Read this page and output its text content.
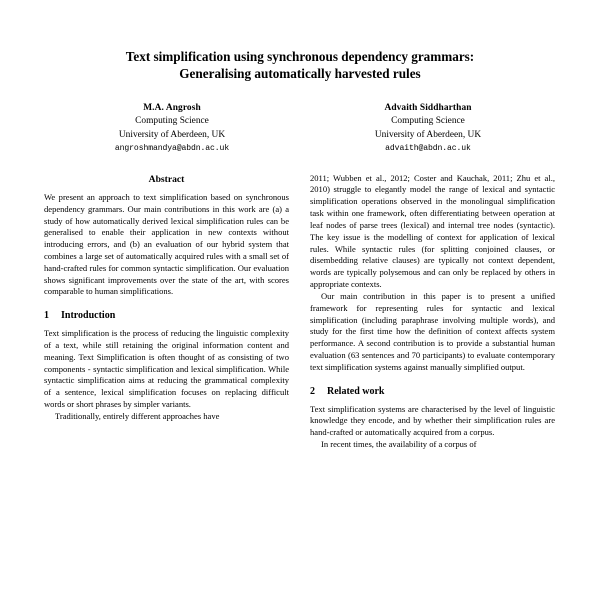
Text simplification using synchronous dependency grammars:
Generalising automatically harvested rules
M.A. Angrosh
Computing Science
University of Aberdeen, UK
angroshmandya@abdn.ac.uk
Advaith Siddharthan
Computing Science
University of Aberdeen, UK
advaith@abdn.ac.uk
Abstract

We present an approach to text simplification based on synchronous dependency grammars. Our main contributions in this work are (a) a study of how automatically derived lexical simplification rules can be generalised to enable their application in new contexts without introducing errors, and (b) an evaluation of our hybrid system that combines a large set of automatically acquired rules with a small set of hand-crafted rules for common syntactic simplification. Our evaluation shows significant improvements over the state of the art, with scores comparable to human simplifications.

1	Introduction

Text simplification is the process of reducing the linguistic complexity of a text, while still retaining the original information content and meaning. Text Simplification is often thought of as consisting of two components - syntactic simplification and lexical simplification. While syntactic simplification aims at reducing the grammatical complexity of a sentence, lexical simplification focuses on replacing difficult words or short phrases by simpler variants.

Traditionally, entirely different approaches have

2011; Wubben et al., 2012; Coster and Kauchak, 2011; Zhu et al., 2010) struggle to elegantly model the range of lexical and syntactic simplification operations observed in the monolingual simplification task within one framework, often differentiating between operation at leaf nodes of parse trees (lexical) and internal tree nodes (syntactic). The key issue is the modelling of context for application of lexical rules. While syntactic rules (for splitting conjoined clauses, or disembedding relative clauses) are typically not context dependent, words are typically polysemous and can only be replaced by others in appropriate contexts.

Our main contribution in this paper is to present a unified framework for representing rules for syntactic and lexical simplification (including paraphrase involving multiple words), and study for the first time how the definition of context affects system performance. A second contribution is to provide a substantial human evaluation (63 sentences and 70 participants) to evaluate contemporary text simplification systems against manually simplified output.

2	Related work

Text simplification systems are characterised by the level of linguistic knowledge they encode, and by whether their simplification rules are hand-crafted or automatically acquired from a corpus.

In recent times, the availability of a corpus of
